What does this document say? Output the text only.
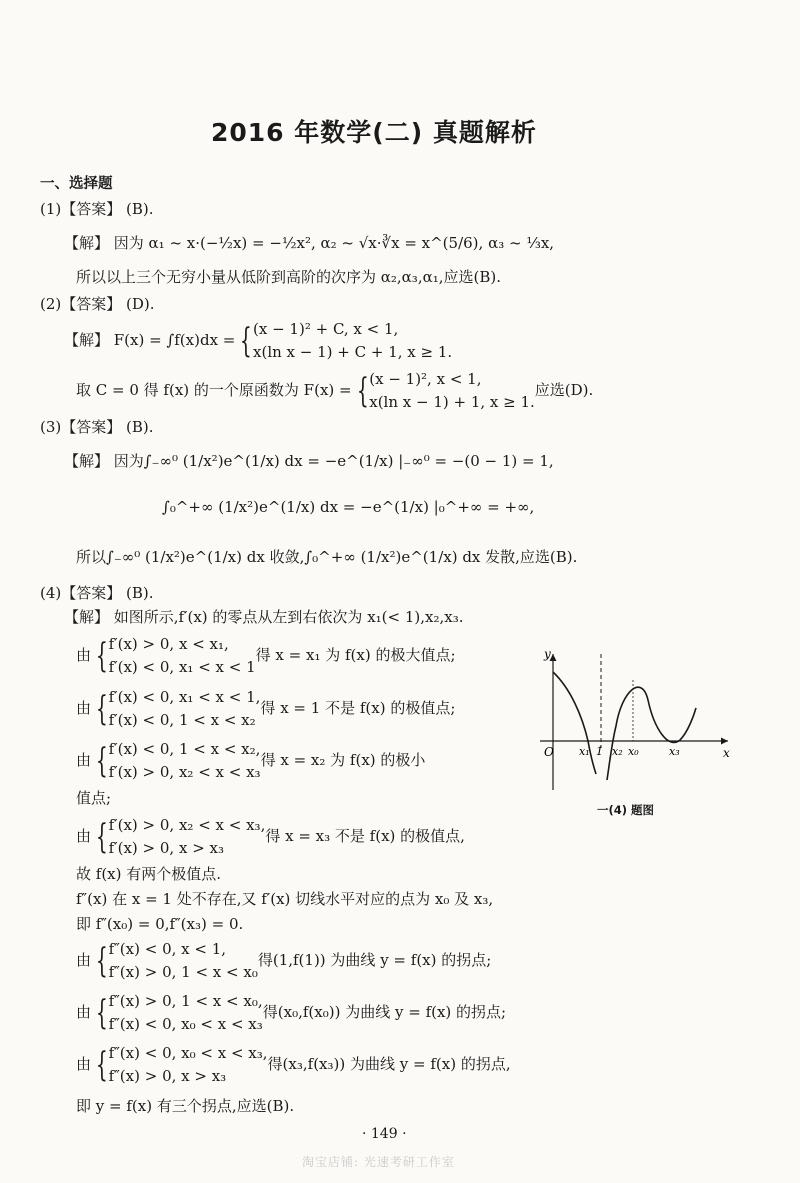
2016 年数学(二) 真题解析
一、选择题
(1)【答案】 (B).
【解】 因为 α₁ ~ x·(−½x) = −½x², α₂ ~ √x·∛x = x^(5/6), α₃ ~ ⅓x,
所以以上三个无穷小量从低阶到高阶的次序为 α₂,α₃,α₁,应选(B).
(2)【答案】 (D).
【解】 F(x) = ∫f(x)dx = { (x − 1)² + C, x < 1,
x(ln x − 1) + C + 1, x ≥ 1.
取 C = 0 得 f(x) 的一个原函数为 F(x) = { (x − 1)², x < 1,
x(ln x − 1) + 1, x ≥ 1.
应选(D).
(3)【答案】 (B).
【解】 因为∫₋∞⁰ (1/x²)e^(1/x) dx = −e^(1/x) |₋∞⁰ = −(0 − 1) = 1,
∫₀^+∞ (1/x²)e^(1/x) dx = −e^(1/x) |₀^+∞ = +∞,
所以∫₋∞⁰ (1/x²)e^(1/x) dx 收敛,∫₀^+∞ (1/x²)e^(1/x) dx 发散,应选(B).
(4)【答案】 (B).
【解】 如图所示,f′(x) 的零点从左到右依次为 x₁(< 1),x₂,x₃.
由 { f′(x) > 0, x < x₁,
f′(x) < 0, x₁ < x < 1
得 x = x₁ 为 f(x) 的极大值点;
由 { f′(x) < 0, x₁ < x < 1,
f′(x) < 0, 1 < x < x₂
得 x = 1 不是 f(x) 的极值点;
由 { f′(x) < 0, 1 < x < x₂,
f′(x) > 0, x₂ < x < x₃
得 x = x₂ 为 f(x) 的极小
值点;
由 { f′(x) > 0, x₂ < x < x₃,
f′(x) > 0, x > x₃
得 x = x₃ 不是 f(x) 的极值点,
故 f(x) 有两个极值点.
f″(x) 在 x = 1 处不存在,又 f′(x) 切线水平对应的点为 x₀ 及 x₃,
即 f″(x₀) = 0,f″(x₃) = 0.
由 { f″(x) < 0, x < 1,
f″(x) > 0, 1 < x < x₀
得(1,f(1)) 为曲线 y = f(x) 的拐点;
由 { f″(x) > 0, 1 < x < x₀,
f″(x) < 0, x₀ < x < x₃
得(x₀,f(x₀)) 为曲线 y = f(x) 的拐点;
由 { f″(x) < 0, x₀ < x < x₃,
f″(x) > 0, x > x₃
得(x₃,f(x₃)) 为曲线 y = f(x) 的拐点,
即 y = f(x) 有三个拐点,应选(B).
O	x
y
x₁ 1 x₂ x₀	x₃
一(4) 题图
· 149 ·
淘宝店铺: 光速考研工作室
